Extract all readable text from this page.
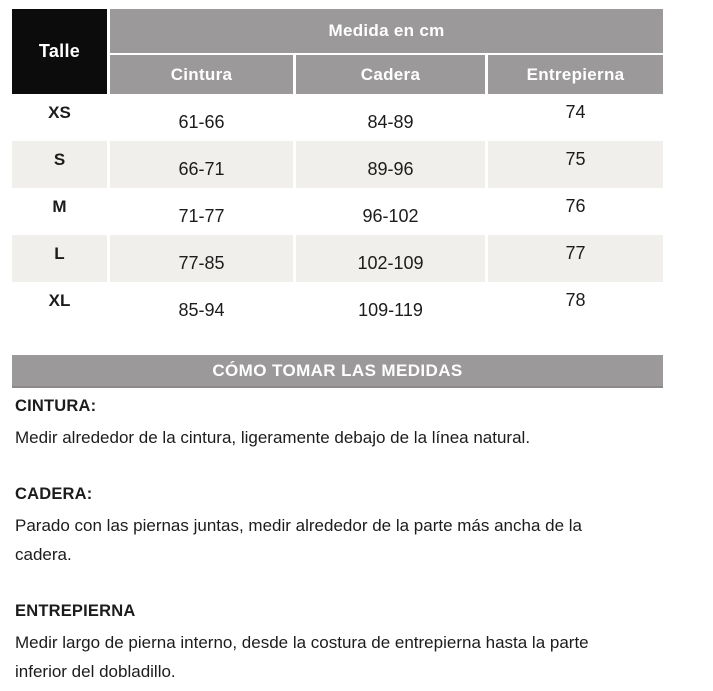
Talle
Medida en cm
Cintura	Cadera	Entrepierna
XS	61-66	84-89	74
S	66-71	89-96	75
M	71-77	96-102	76
L	77-85	102-109	77
XL	85-94	109-119	78
CÓMO TOMAR LAS MEDIDAS
CINTURA:

Medir alrededor de la cintura, ligeramente debajo de la línea natural.

CADERA:

Parado con las piernas juntas, medir alrededor de la parte más ancha de la cadera.

ENTREPIERNA

Medir largo de pierna interno, desde la costura de entrepierna hasta la parte inferior del dobladillo.
